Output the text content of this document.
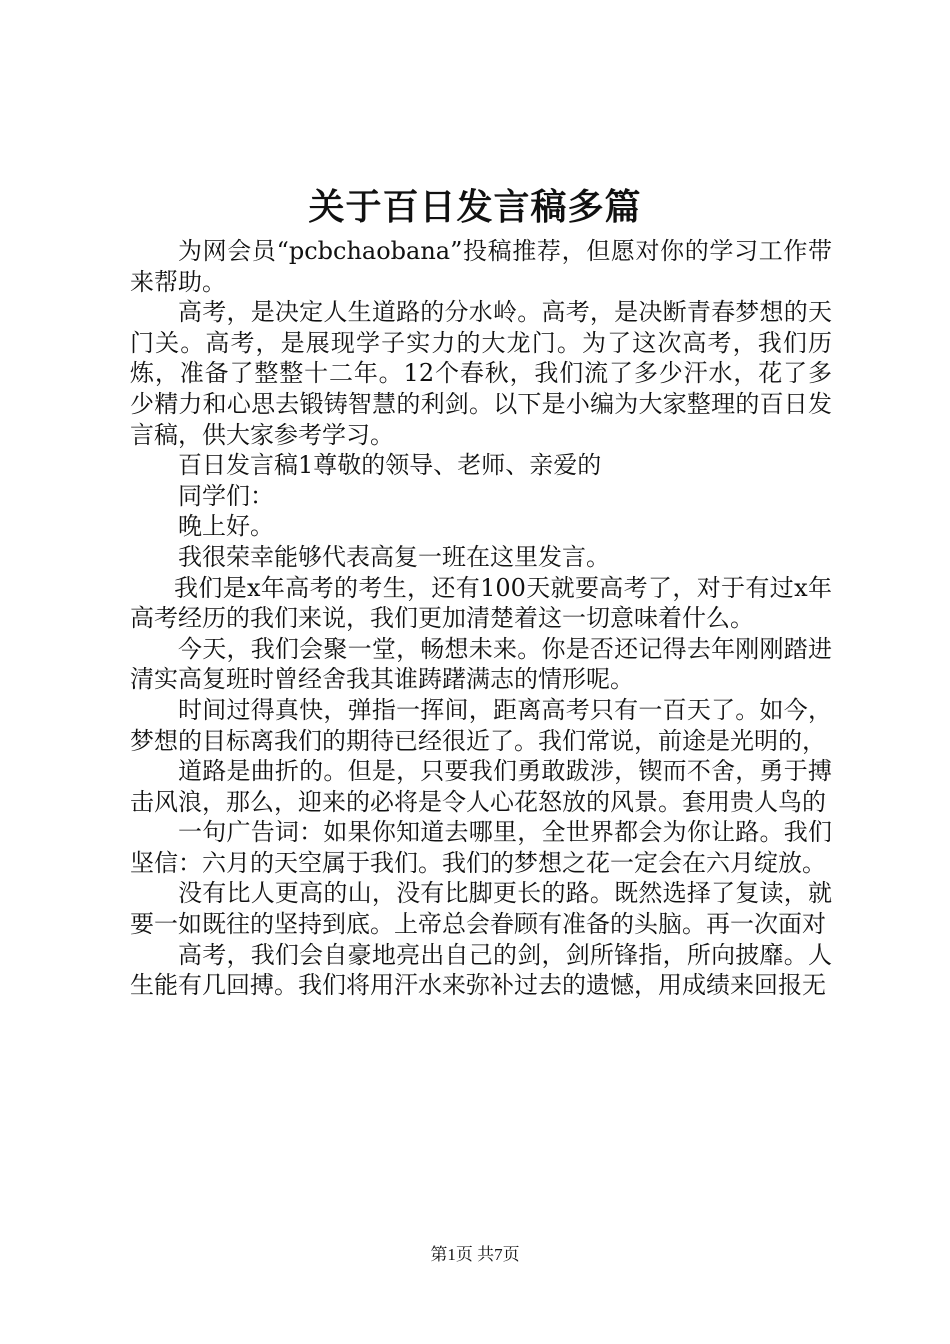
关于百日发言稿多篇

为网会员“pcbchaobana”投稿推荐，但愿对你的学习工作带来帮助。

高考，是决定人生道路的分水岭。高考，是决断青春梦想的天门关。高考，是展现学子实力的大龙门。为了这次高考，我们历炼，准备了整整十二年。12个春秋，我们流了多少汗水，花了多少精力和心思去锻铸智慧的利剑。以下是小编为大家整理的百日发言稿，供大家参考学习。

百日发言稿1尊敬的领导、老师、亲爱的

同学们：

晚上好。

我很荣幸能够代表高复一班在这里发言。

我们是x年高考的考生，还有100天就要高考了，对于有过x年高考经历的我们来说，我们更加清楚着这一切意味着什么。

今天，我们会聚一堂，畅想未来。你是否还记得去年刚刚踏进清实高复班时曾经舍我其谁踌躇满志的情形呢。

时间过得真快，弹指一挥间，距离高考只有一百天了。如今，梦想的目标离我们的期待已经很近了。我们常说，前途是光明的，

道路是曲折的。但是，只要我们勇敢跋涉，锲而不舍，勇于搏击风浪，那么，迎来的必将是令人心花怒放的风景。套用贵人鸟的

一句广告词：如果你知道去哪里，全世界都会为你让路。我们坚信：六月的天空属于我们。我们的梦想之花一定会在六月绽放。

没有比人更高的山，没有比脚更长的路。既然选择了复读，就要一如既往的坚持到底。上帝总会眷顾有准备的头脑。再一次面对

高考，我们会自豪地亮出自己的剑，剑所锋指，所向披靡。人生能有几回搏。我们将用汗水来弥补过去的遗憾，用成绩来回报无

第1页 共7页
